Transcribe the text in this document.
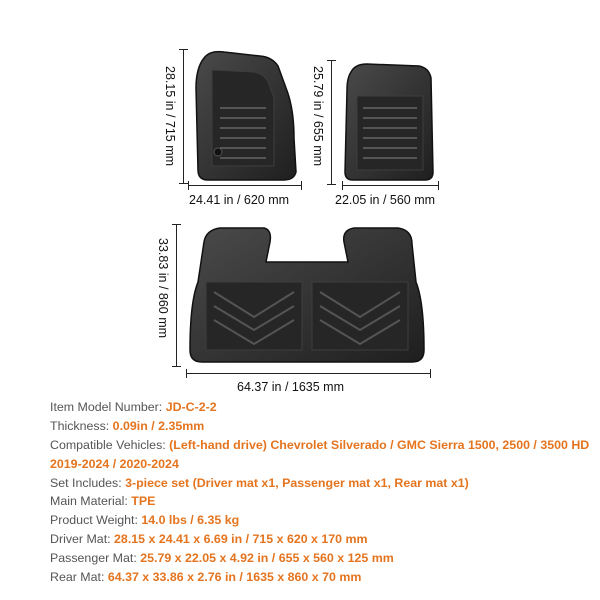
28.15 in / 715 mm
24.41 in / 620 mm
25.79 in / 655 mm
22.05 in / 560 mm
33.83 in / 860 mm
64.37 in / 1635 mm
Item Model Number: JD-C-2-2
Thickness: 0.09in / 2.35mm
Compatible Vehicles: (Left-hand drive) Chevrolet Silverado / GMC Sierra 1500, 2500 / 3500 HD
2019-2024 / 2020-2024
Set Includes: 3-piece set (Driver mat x1, Passenger mat x1, Rear mat x1)
Main Material: TPE
Product Weight: 14.0 lbs / 6.35 kg
Driver Mat: 28.15 x 24.41 x 6.69 in / 715 x 620 x 170 mm
Passenger Mat: 25.79 x 22.05 x 4.92 in / 655 x 560 x 125 mm
Rear Mat: 64.37 x 33.86 x 2.76 in / 1635 x 860 x 70 mm
